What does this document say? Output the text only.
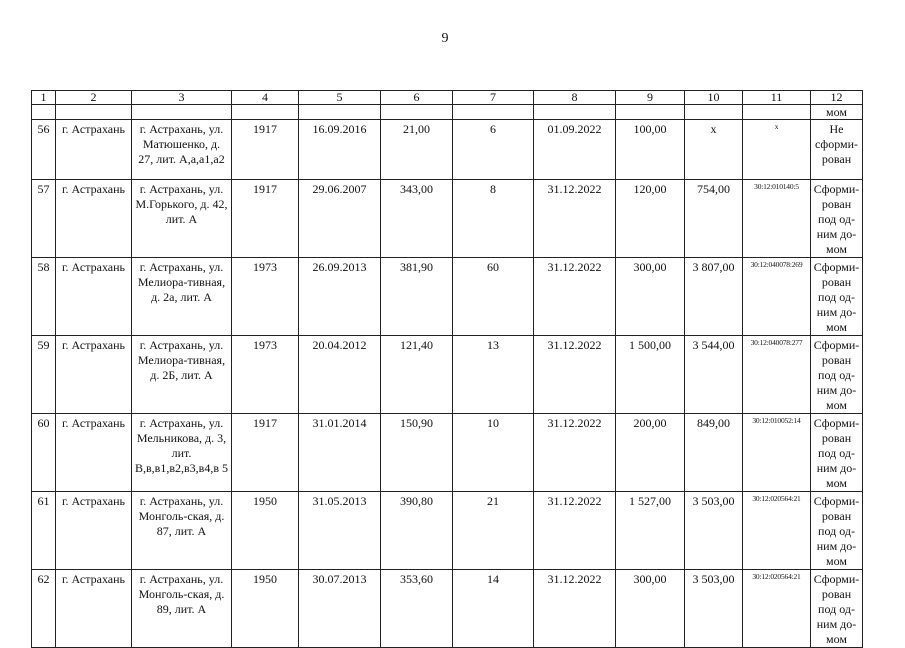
9
1	2	3	4	5	6	7	8	9	10	11	12
											мом
56	г. Астрахань	г. Астрахань, ул. Матюшенко, д. 27, лит. А,а,а1,а2	1917	16.09.2016	21,00	6	01.09.2022	100,00	х	х	Не сформи-рован
57	г. Астрахань	г. Астрахань, ул. М.Горького, д. 42, лит. А	1917	29.06.2007	343,00	8	31.12.2022	120,00	754,00	30:12:010140:5	Сформи-рован под од-ним до-мом
58	г. Астрахань	г. Астрахань, ул. Мелиора-тивная, д. 2а, лит. А	1973	26.09.2013	381,90	60	31.12.2022	300,00	3 807,00	30:12:040078:269	Сформи-рован под од-ним до-мом
59	г. Астрахань	г. Астрахань, ул. Мелиора-тивная, д. 2Б, лит. А	1973	20.04.2012	121,40	13	31.12.2022	1 500,00	3 544,00	30:12:040078:277	Сформи-рован под од-ним до-мом
60	г. Астрахань	г. Астрахань, ул. Мельникова, д. 3, лит. В,в,в1,в2,в3,в4,в 5	1917	31.01.2014	150,90	10	31.12.2022	200,00	849,00	30:12:010052:14	Сформи-рован под од-ним до-мом
61	г. Астрахань	г. Астрахань, ул. Монголь-ская, д. 87, лит. А	1950	31.05.2013	390,80	21	31.12.2022	1 527,00	3 503,00	30:12:020564:21	Сформи-рован под од-ним до-мом
62	г. Астрахань	г. Астрахань, ул. Монголь-ская, д. 89, лит. А	1950	30.07.2013	353,60	14	31.12.2022	300,00	3 503,00	30:12:020564:21	Сформи-рован под од-ним до-мом
